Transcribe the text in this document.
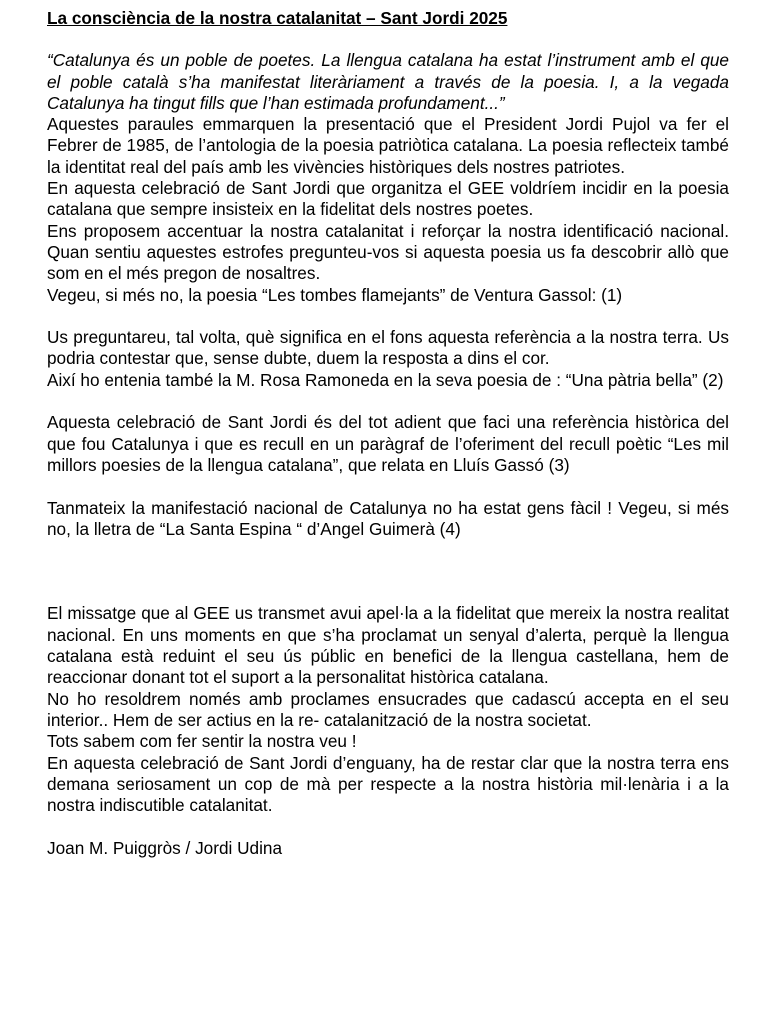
La consciència de la nostra catalanitat – Sant Jordi 2025

“Catalunya és un poble de poetes. La llengua catalana ha estat l’instrument amb el que el poble català s’ha manifestat literàriament a través de la poesia. I, a la vegada Catalunya ha tingut fills que l’han estimada profundament...”

Aquestes paraules emmarquen la presentació que el President Jordi Pujol va fer el Febrer de 1985, de l’antologia de la poesia patriòtica catalana. La poesia reflecteix també la identitat real del país amb les vivències històriques dels nostres patriotes.

En aquesta celebració de Sant Jordi que organitza el GEE voldríem incidir en la poesia catalana que sempre insisteix en la fidelitat dels nostres poetes.

Ens proposem accentuar la nostra catalanitat i reforçar la nostra identificació nacional. Quan sentiu aquestes estrofes pregunteu-vos si aquesta poesia us fa descobrir allò que som en el més pregon de nosaltres.

Vegeu, si més no, la poesia “Les tombes flamejants” de Ventura Gassol: (1)

Us preguntareu, tal volta, què significa en el fons aquesta referència a la nostra terra. Us podria contestar que, sense dubte, duem la resposta a dins el cor.

Així ho entenia també la M. Rosa Ramoneda en la seva poesia de : “Una pàtria bella” (2)

Aquesta celebració de Sant Jordi és del tot adient que faci una referència històrica del que fou Catalunya i que es recull en un paràgraf de l’oferiment del recull poètic “Les mil millors poesies de la llengua catalana”, que relata en Lluís Gassó (3)

Tanmateix la manifestació nacional de Catalunya no ha estat gens fàcil ! Vegeu, si més no, la lletra de “La Santa Espina “ d’Angel Guimerà (4)

El missatge que al GEE us transmet avui apel·la a la fidelitat que mereix la nostra realitat nacional. En uns moments en que s’ha proclamat un senyal d’alerta, perquè la llengua catalana està reduint el seu ús públic en benefici de la llengua castellana, hem de reaccionar donant tot el suport a la personalitat històrica catalana.

No ho resoldrem només amb proclames ensucrades que cadascú accepta en el seu interior.. Hem de ser actius en la re- catalanització de la nostra societat.

Tots sabem com fer sentir la nostra veu !

En aquesta celebració de Sant Jordi d’enguany, ha de restar clar que la nostra terra ens demana seriosament un cop de mà per respecte a la nostra història mil·lenària i a la nostra indiscutible catalanitat.

Joan M. Puiggròs / Jordi Udina
